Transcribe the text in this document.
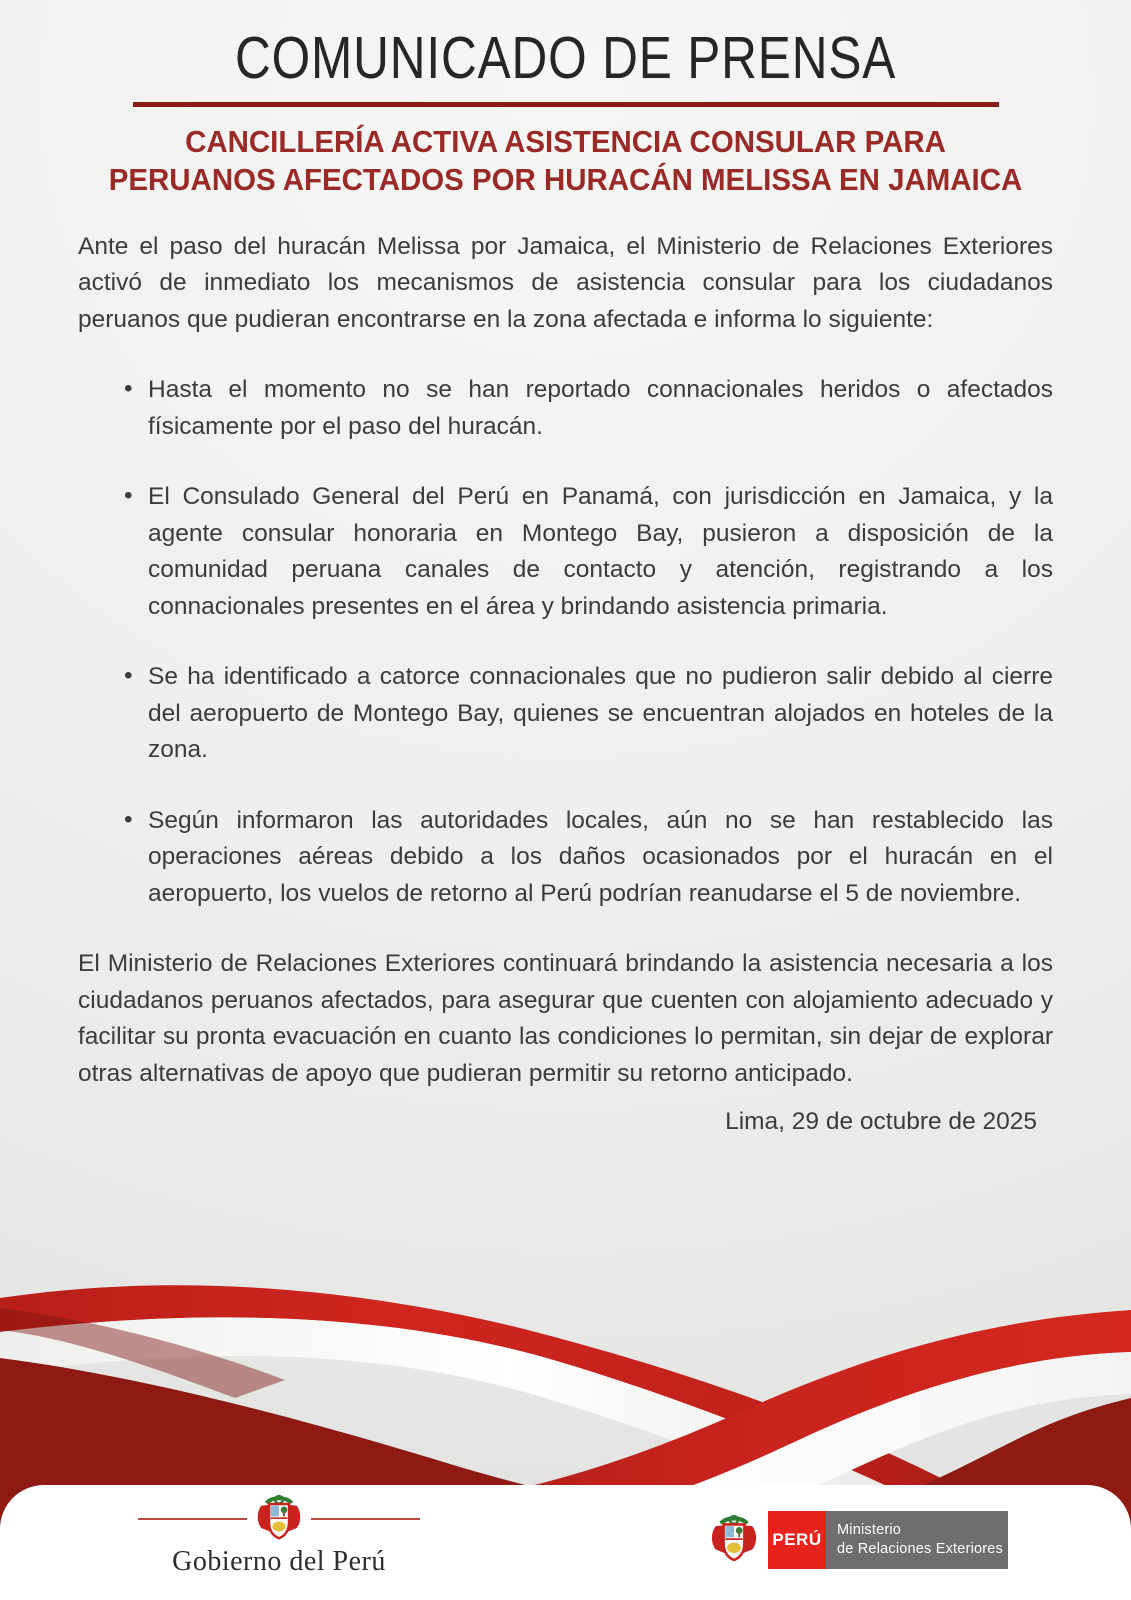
COMUNICADO DE PRENSA
CANCILLERÍA ACTIVA ASISTENCIA CONSULAR PARA
PERUANOS AFECTADOS POR HURACÁN MELISSA EN JAMAICA

Ante el paso del huracán Melissa por Jamaica, el Ministerio de Relaciones Exteriores activó de inmediato los mecanismos de asistencia consular para los ciudadanos peruanos que pudieran encontrarse en la zona afectada e informa lo siguiente:

• Hasta el momento no se han reportado connacionales heridos o afectados físicamente por el paso del huracán.
• El Consulado General del Perú en Panamá, con jurisdicción en Jamaica, y la agente consular honoraria en Montego Bay, pusieron a disposición de la comunidad peruana canales de contacto y atención, registrando a los connacionales presentes en el área y brindando asistencia primaria.
• Se ha identificado a catorce connacionales que no pudieron salir debido al cierre del aeropuerto de Montego Bay, quienes se encuentran alojados en hoteles de la zona.
• Según informaron las autoridades locales, aún no se han restablecido las operaciones aéreas debido a los daños ocasionados por el huracán en el aeropuerto, los vuelos de retorno al Perú podrían reanudarse el 5 de noviembre.

El Ministerio de Relaciones Exteriores continuará brindando la asistencia necesaria a los ciudadanos peruanos afectados, para asegurar que cuenten con alojamiento adecuado y facilitar su pronta evacuación en cuanto las condiciones lo permitan, sin dejar de explorar otras alternativas de apoyo que pudieran permitir su retorno anticipado.

Lima, 29 de octubre de 2025
Gobierno del Perú
PERÚ	Ministerio
de Relaciones Exteriores
